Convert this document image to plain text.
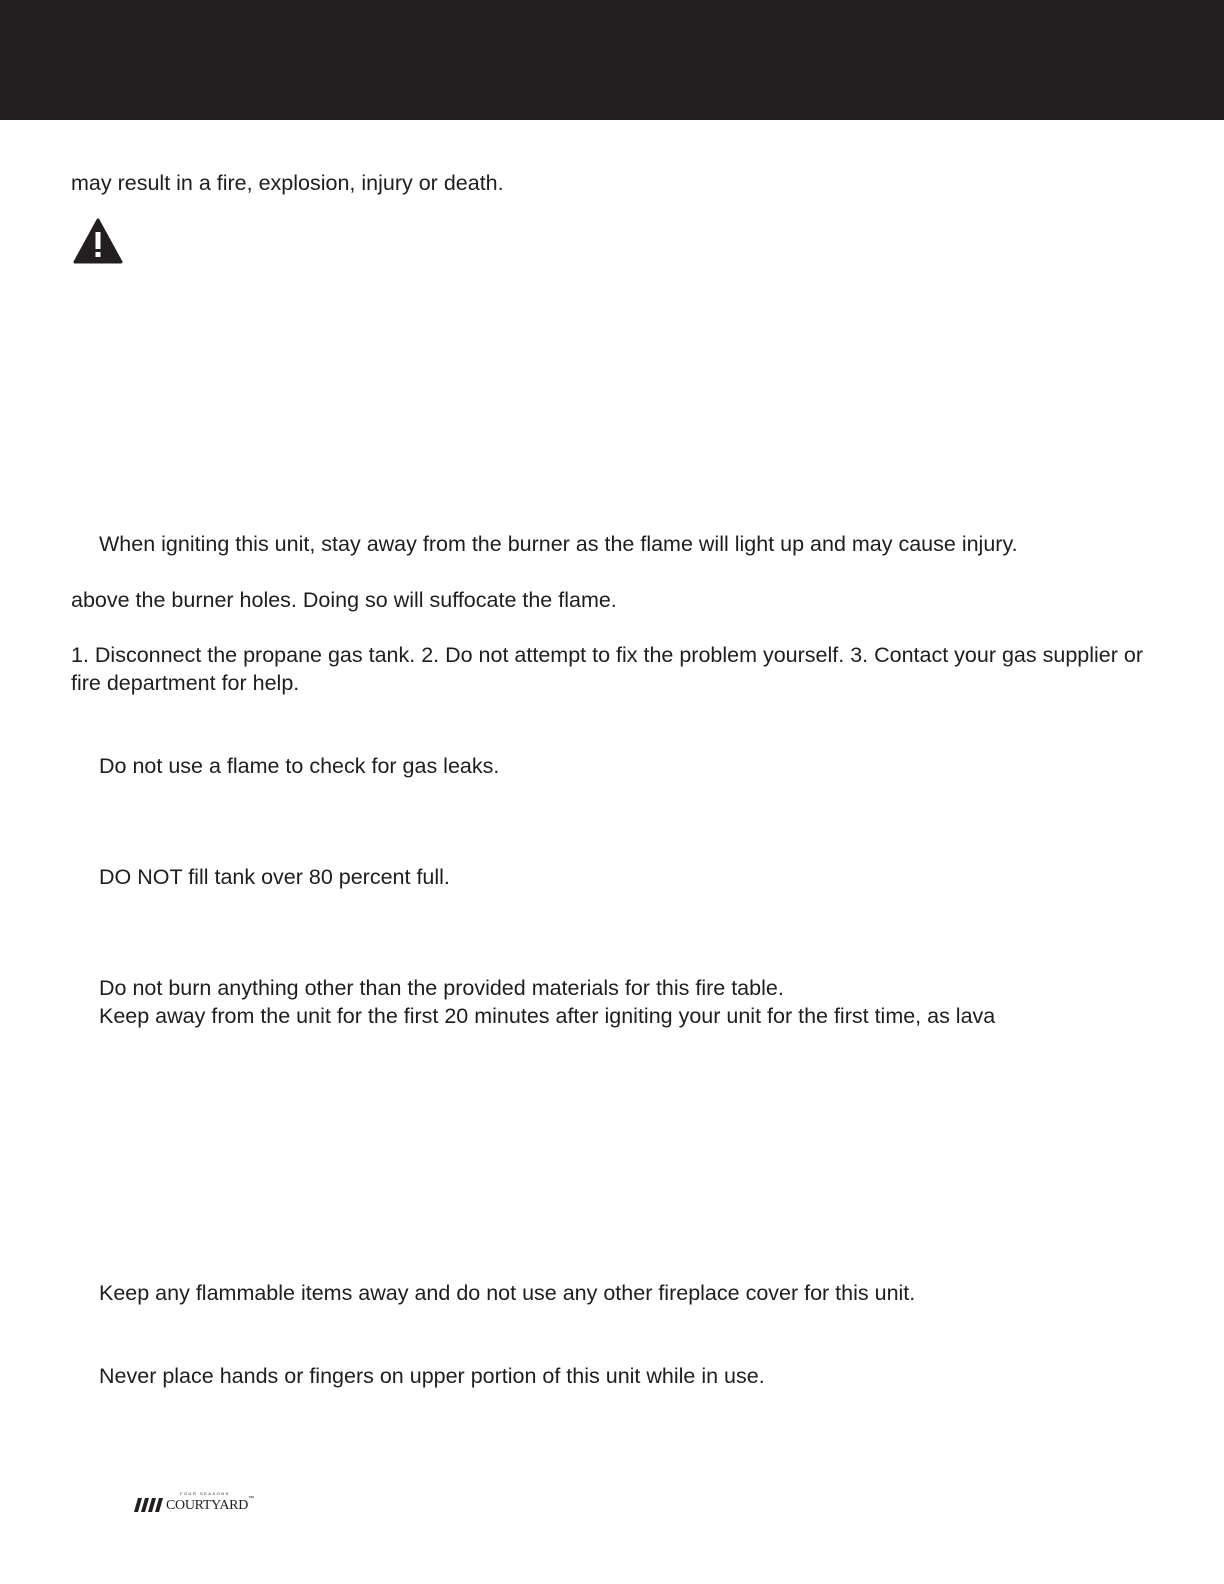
may result in a fire, explosion, injury or death.

When igniting this unit, stay away from the burner as the flame will light up and may cause injury.

above the burner holes. Doing so will suffocate the flame.

1. Disconnect the propane gas tank. 2. Do not attempt to fix the problem yourself. 3. Contact your gas supplier or fire department for help.

Do not use a flame to check for gas leaks.

DO NOT fill tank over 80 percent full.

Do not burn anything other than the provided materials for this fire table.

Keep away from the unit for the first 20 minutes after igniting your unit for the first time, as lava

Keep any flammable items away and do not use any other fireplace cover for this unit.

Never place hands or fingers on upper portion of this unit while in use.

FOUR SEASONS
COURTYARD™
